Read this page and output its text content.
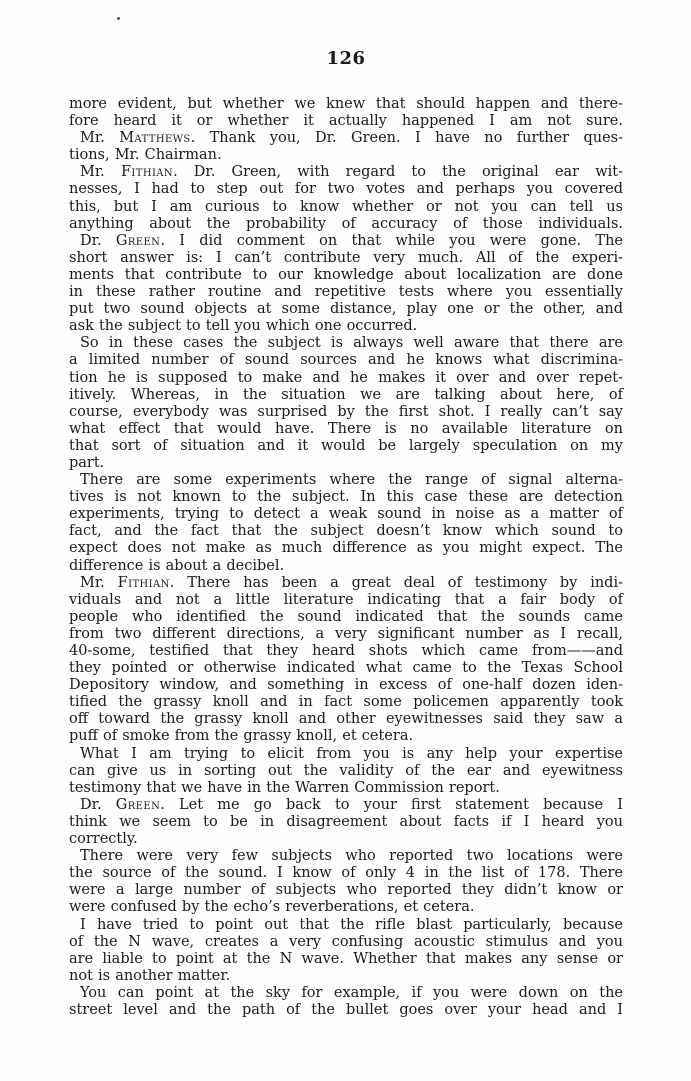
126
more evident, but whether we knew that should happen and there-
fore heard it or whether it actually happened I am not sure.
Mr. Matthews. Thank you, Dr. Green. I have no further ques-
tions, Mr. Chairman.
Mr. Fithian. Dr. Green, with regard to the original ear wit-
nesses, I had to step out for two votes and perhaps you covered
this, but I am curious to know whether or not you can tell us
anything about the probability of accuracy of those individuals.
Dr. Green. I did comment on that while you were gone. The
short answer is: I can’t contribute very much. All of the experi-
ments that contribute to our knowledge about localization are done
in these rather routine and repetitive tests where you essentially
put two sound objects at some distance, play one or the other, and
ask the subject to tell you which one occurred.
So in these cases the subject is always well aware that there are
a limited number of sound sources and he knows what discrimina-
tion he is supposed to make and he makes it over and over repet-
itively. Whereas, in the situation we are talking about here, of
course, everybody was surprised by the first shot. I really can’t say
what effect that would have. There is no available literature on
that sort of situation and it would be largely speculation on my
part.
There are some experiments where the range of signal alterna-
tives is not known to the subject. In this case these are detection
experiments, trying to detect a weak sound in noise as a matter of
fact, and the fact that the subject doesn’t know which sound to
expect does not make as much difference as you might expect. The
difference is about a decibel.
Mr. Fithian. There has been a great deal of testimony by indi-
viduals and not a little literature indicating that a fair body of
people who identified the sound indicated that the sounds came
from two different directions, a very significant number as I recall,
40-some, testified that they heard shots which came from——and
they pointed or otherwise indicated what came to the Texas School
Depository window, and something in excess of one-half dozen iden-
tified the grassy knoll and in fact some policemen apparently took
off toward the grassy knoll and other eyewitnesses said they saw a
puff of smoke from the grassy knoll, et cetera.
What I am trying to elicit from you is any help your expertise
can give us in sorting out the validity of the ear and eyewitness
testimony that we have in the Warren Commission report.
Dr. Green. Let me go back to your first statement because I
think we seem to be in disagreement about facts if I heard you
correctly.
There were very few subjects who reported two locations were
the source of the sound. I know of only 4 in the list of 178. There
were a large number of subjects who reported they didn’t know or
were confused by the echo’s reverberations, et cetera.
I have tried to point out that the rifle blast particularly, because
of the N wave, creates a very confusing acoustic stimulus and you
are liable to point at the N wave. Whether that makes any sense or
not is another matter.
You can point at the sky for example, if you were down on the
street level and the path of the bullet goes over your head and I
